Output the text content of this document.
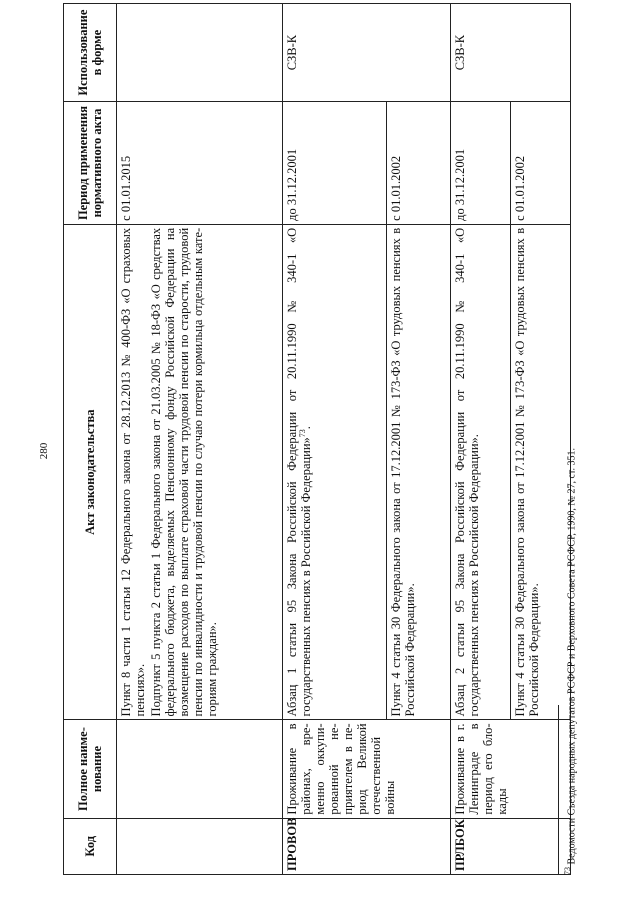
280
Код	Полное наименование	Акт законодательства	Период применения нормативного акта	Использование в форме

		Пункт 8 части 1 статьи 12 Федерального закона от 28.12.2013 № 400-ФЗ «О страховых пенсиях». Подпункт 5 пункта 2 статьи 1 Федерального закона от 21.03.2005 № 18-ФЗ «О средствах федерального бюджета, выделяемых Пенсионному фонду Российской Федерации на возмещение расходов по выплате страховой части трудовой пенсии по старости, трудовой пенсии по инвалидности и трудовой пенсии по случаю потери кормильца отдельным категориям граждан».	с 01.01.2015	
ПРОВОВ	Проживание в районах, временно оккупированной неприятелем в период Великой отечественной войны	Абзац 1 статьи 95 Закона Российской Федерации от 20.11.1990 № 340-1 «О государственных пенсиях в Российской Федерации»$^{73}$.	до 31.12.2001	СЗВ-К
		Пункт 4 статьи 30 Федерального закона от 17.12.2001 № 173-ФЗ «О трудовых пенсиях в Российской Федерации».	с 01.01.2002	
ПРЛБОК	Проживание в г. Ленинграде в период его блокады	Абзац 2 статьи 95 Закона Российской Федерации от 20.11.1990 № 340-1 «О государственных пенсиях в Российской Федерации».	до 31.12.2001	СЗВ-К
		Пункт 4 статьи 30 Федерального закона от 17.12.2001 № 173-ФЗ «О трудовых пенсиях в Российской Федерации».	с 01.01.2002	
$^{73}$ Ведомости Съезда народных депутатов РСФСР и Верховного Совета РСФСР, 1990, № 27, ст. 351.
